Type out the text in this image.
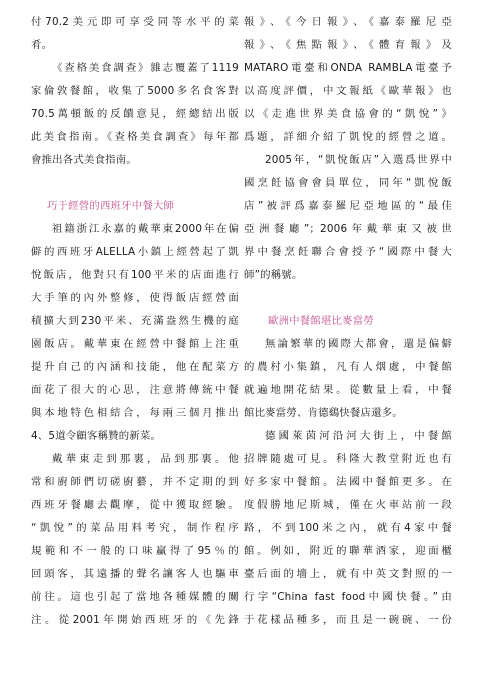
付70.2美元即可享受同等水平的菜
肴。
《查格美食調查》雜志覆蓋了1119
家倫敦餐館，收集了5000多名食客對
70.5萬頓飯的反饋意見，經總結出版
此美食指南。《查格美食調查》每年都
會推出各式美食指南。
巧于經營的西班牙中餐大師
祖籍浙江永嘉的戴華東2000年在偏
僻的西班牙ALELLA小鎮上經營起了凱
悅飯店，他對只有100平米的店面進行
大手筆的內外整修，使得飯店經營面
積擴大到230平米、充滿盎然生機的庭
園飯店。戴華東在經營中餐館上注重
提升自己的內涵和技能，他在配菜方
面花了很大的心思，注意將傳統中餐
與本地特色相結合，每兩三個月推出
4、5道令顧客稱贊的新菜。
戴華東走到那裏，品到那裏。他
常和廚師們切磋廚藝，并不定期的到
西班牙餐廳去觀摩，從中獲取經驗。
“凱悅”的菜品用料考究，制作程序
規範和不一般的口味贏得了95％的
回頭客，其遠播的聲名讓客人也驅車
前往。這也引起了當地各種媒體的關
注。從2001年開始西班牙的《先鋒
報》、《今日報》、《嘉泰羅尼亞
報》、《焦點報》、《體育報》及
MATARO電臺和ONDA RAMBLA電臺予
以高度評價，中文報紙《歐華報》也
以《走進世界美食協會的“凱悅”》
爲題，詳細介紹了凱悅的經營之道。
2005年，“凱悅飯店”入選爲世界中
國烹飪協會會員單位，同年“凱悅飯
店”被評爲嘉泰羅尼亞地區的“最佳
亞洲餐廳”；2006年戴華東又被世
界中餐烹飪聯合會授予“國際中餐大
師”的稱號。
歐洲中餐館堪比麥當勞
無論繁華的國際大都會，還是偏僻
的農村小集鎮，凡有人烟處，中餐館
就遍地開花結果。從數量上看，中餐
館比麥當勞、肯德鷄快餐店還多。
德國萊茵河沿河大街上，中餐館
招牌隨處可見。科隆大教堂附近也有
好多家中餐館。法國中餐館更多。在
度假勝地尼斯城，僅在火車站前一段
路，不到100米之內，就有4家中餐
館。例如，附近的聯華酒家，迎面櫃
臺后面的墻上，就有中英文對照的一
行字“China fast food中國快餐。”由
于花樣品種多，而且是一碗碗、一份
